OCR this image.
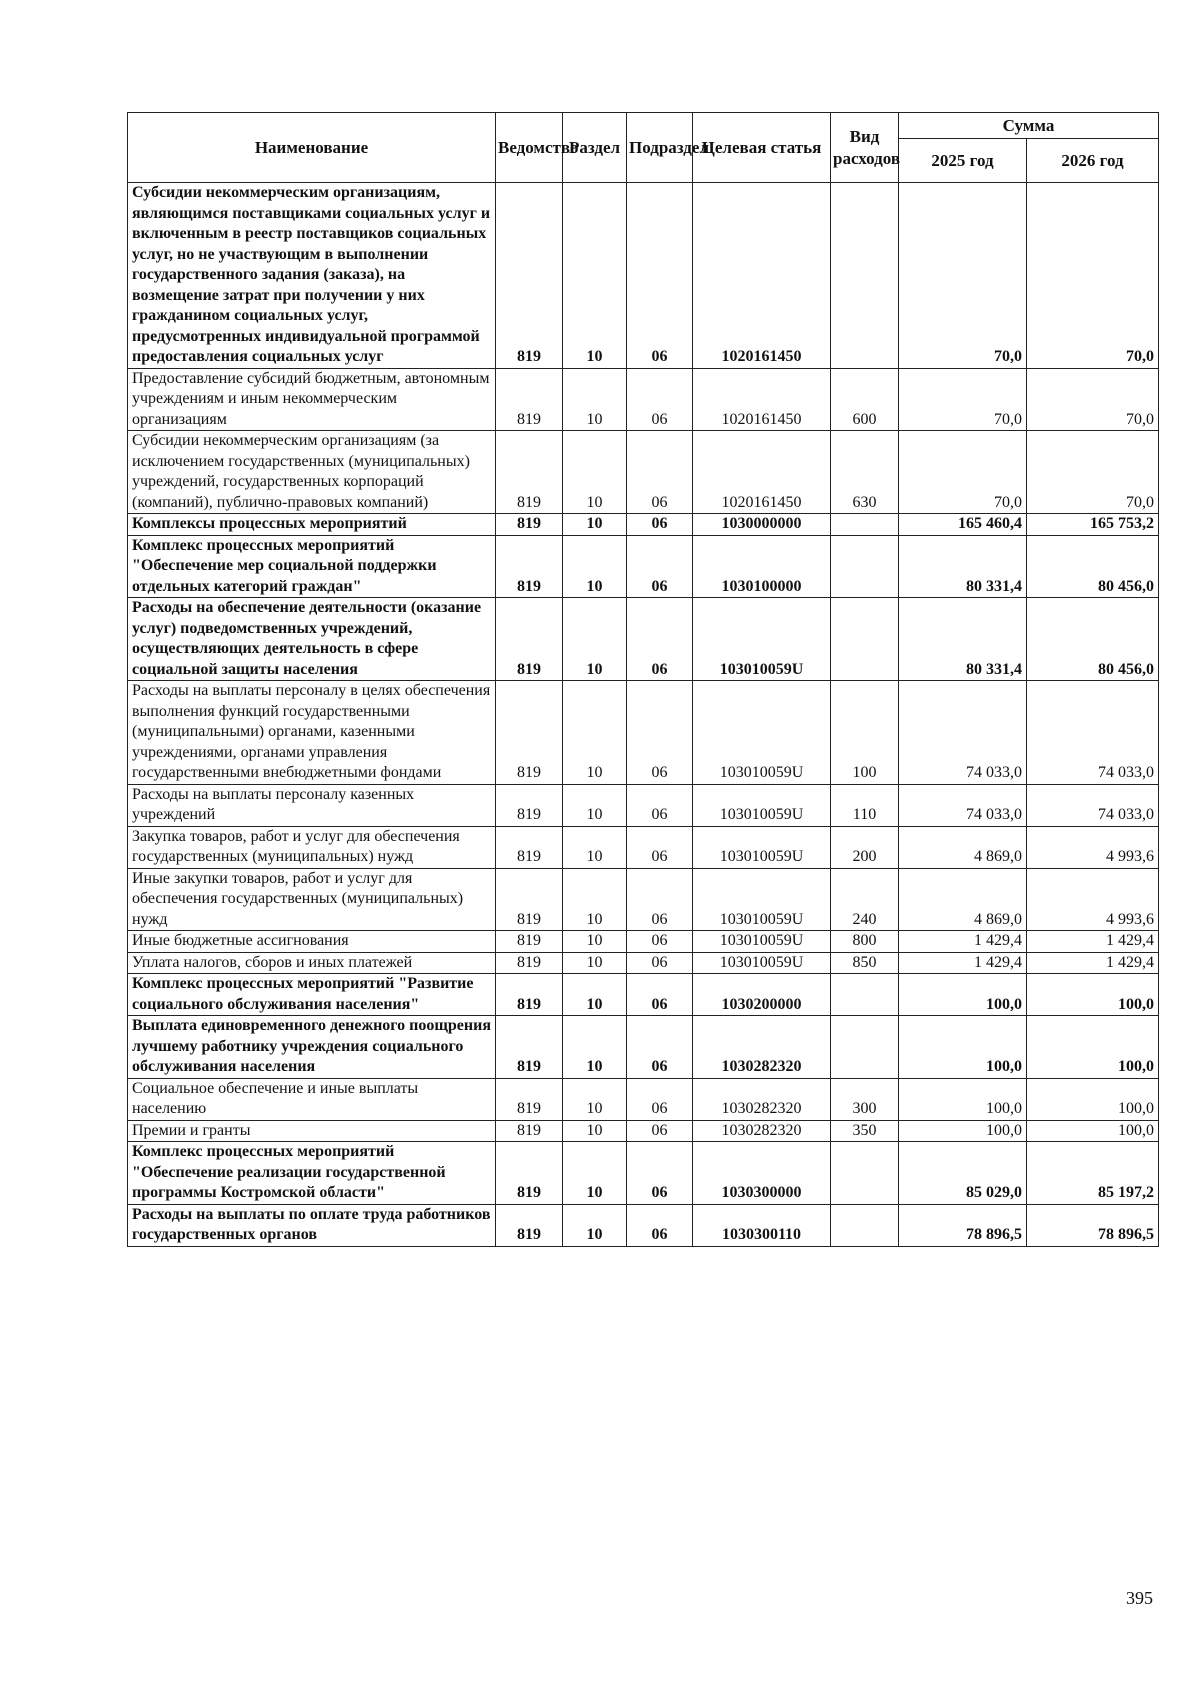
Наименование	Ведомство	Раздел	Подраздел	Целевая статья	Вид расходов	Сумма	
						2025 год	2026 год
Субсидии некоммерческим организациям, являющимся поставщиками социальных услуг и включенным в реестр поставщиков социальных услуг, но не участвующим в выполнении государственного задания (заказа), на возмещение затрат при получении у них гражданином социальных услуг, предусмотренных индивидуальной программой предоставления социальных услуг	819	10	06	1020161450		70,0	70,0
Предоставление субсидий бюджетным, автономным учреждениям и иным некоммерческим организациям	819	10	06	1020161450	600	70,0	70,0
Субсидии некоммерческим организациям (за исключением государственных (муниципальных) учреждений, государственных корпораций (компаний), публично-правовых компаний)	819	10	06	1020161450	630	70,0	70,0
Комплексы процессных мероприятий	819	10	06	1030000000		165 460,4	165 753,2
Комплекс процессных мероприятий "Обеспечение мер социальной поддержки отдельных категорий граждан"	819	10	06	1030100000		80 331,4	80 456,0
Расходы на обеспечение деятельности (оказание услуг) подведомственных учреждений, осуществляющих деятельность в сфере социальной защиты населения	819	10	06	103010059U		80 331,4	80 456,0
Расходы на выплаты персоналу в целях обеспечения выполнения функций государственными (муниципальными) органами, казенными учреждениями, органами управления государственными внебюджетными фондами	819	10	06	103010059U	100	74 033,0	74 033,0
Расходы на выплаты персоналу казенных учреждений	819	10	06	103010059U	110	74 033,0	74 033,0
Закупка товаров, работ и услуг для обеспечения государственных (муниципальных) нужд	819	10	06	103010059U	200	4 869,0	4 993,6
Иные закупки товаров, работ и услуг для обеспечения государственных (муниципальных) нужд	819	10	06	103010059U	240	4 869,0	4 993,6
Иные бюджетные ассигнования	819	10	06	103010059U	800	1 429,4	1 429,4
Уплата налогов, сборов и иных платежей	819	10	06	103010059U	850	1 429,4	1 429,4
Комплекс процессных мероприятий "Развитие социального обслуживания населения"	819	10	06	1030200000		100,0	100,0
Выплата единовременного денежного поощрения лучшему работнику учреждения социального обслуживания населения	819	10	06	1030282320		100,0	100,0
Социальное обеспечение и иные выплаты населению	819	10	06	1030282320	300	100,0	100,0
Премии и гранты	819	10	06	1030282320	350	100,0	100,0
Комплекс процессных мероприятий "Обеспечение реализации государственной программы Костромской области"	819	10	06	1030300000		85 029,0	85 197,2
Расходы на выплаты по оплате труда работников государственных органов	819	10	06	1030300110		78 896,5	78 896,5
395
